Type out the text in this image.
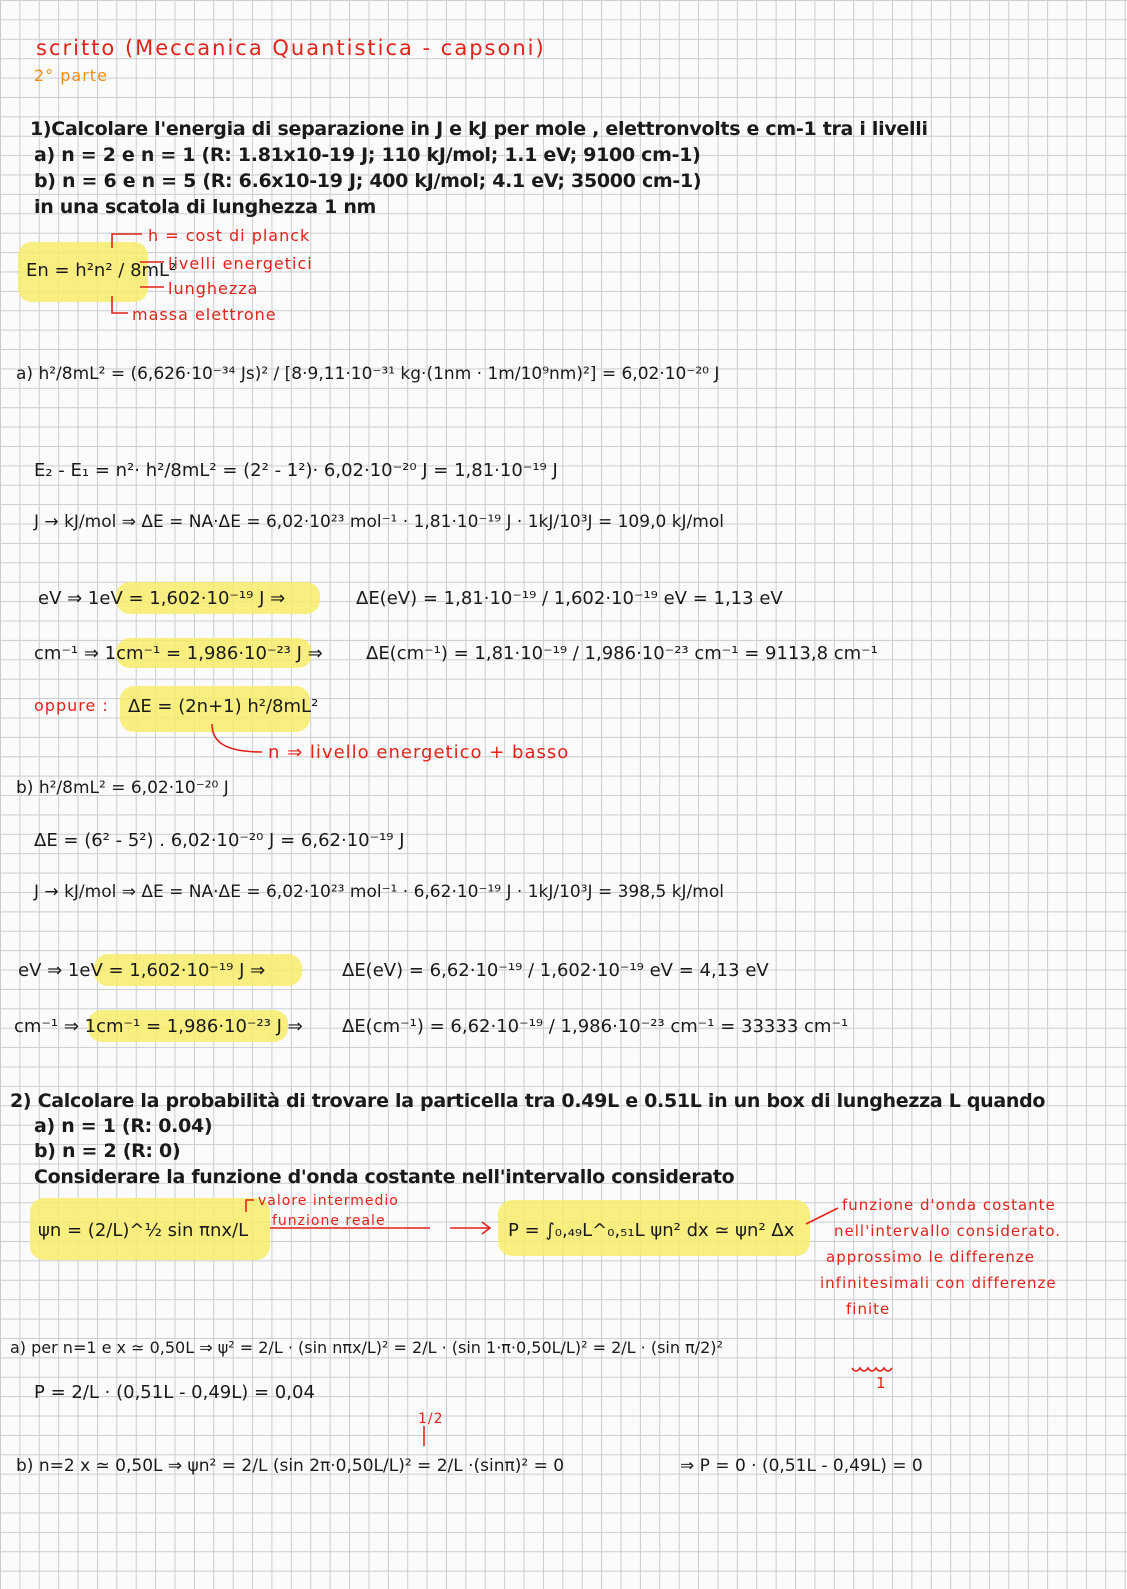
scritto (Meccanica Quantistica - capsoni)
2° parte
1)Calcolare l'energia di separazione in J e kJ per mole , elettronvolts e cm-1 tra i livelli
a) n = 2 e n = 1 (R: 1.81x10-19 J; 110 kJ/mol; 1.1 eV; 9100 cm-1)
b) n = 6 e n = 5 (R: 6.6x10-19 J; 400 kJ/mol; 4.1 eV; 35000 cm-1)
in una scatola di lunghezza 1 nm
En = h²n² / 8mL²
h = cost di planck
livelli energetici
lunghezza
massa elettrone
a) h²/8mL² = (6,626·10⁻³⁴ Js)² / [8·9,11·10⁻³¹ kg·(1nm · 1m/10⁹nm)²] = 6,02·10⁻²⁰ J
E₂ - E₁ = n²· h²/8mL² = (2² - 1²)· 6,02·10⁻²⁰ J = 1,81·10⁻¹⁹ J
J → kJ/mol ⇒ ΔE = NA·ΔE = 6,02·10²³ mol⁻¹ · 1,81·10⁻¹⁹ J · 1kJ/10³J = 109,0 kJ/mol
eV ⇒ 1eV = 1,602·10⁻¹⁹ J ⇒	ΔE(eV) = 1,81·10⁻¹⁹ / 1,602·10⁻¹⁹ eV = 1,13 eV
cm⁻¹ ⇒ 1cm⁻¹ = 1,986·10⁻²³ J ⇒ ΔE(cm⁻¹) = 1,81·10⁻¹⁹ / 1,986·10⁻²³ cm⁻¹ = 9113,8 cm⁻¹
oppure : ΔE = (2n+1) h²/8mL²
n ⇒ livello energetico + basso
b) h²/8mL² = 6,02·10⁻²⁰ J
ΔE = (6² - 5²) . 6,02·10⁻²⁰ J = 6,62·10⁻¹⁹ J
J → kJ/mol ⇒ ΔE = NA·ΔE = 6,02·10²³ mol⁻¹ · 6,62·10⁻¹⁹ J · 1kJ/10³J = 398,5 kJ/mol
eV ⇒ 1eV = 1,602·10⁻¹⁹ J ⇒	ΔE(eV) = 6,62·10⁻¹⁹ / 1,602·10⁻¹⁹ eV = 4,13 eV
cm⁻¹ ⇒ 1cm⁻¹ = 1,986·10⁻²³ J ⇒ ΔE(cm⁻¹) = 6,62·10⁻¹⁹ / 1,986·10⁻²³ cm⁻¹ = 33333 cm⁻¹
2) Calcolare la probabilità di trovare la particella tra 0.49L e 0.51L in un box di lunghezza L quando
a) n = 1 (R: 0.04)
b) n = 2 (R: 0)
Considerare la funzione d'onda costante nell'intervallo considerato
ψn = (2/L)^½ sin πnx/L
valore intermedio
funzione reale	P = ∫₀,₄₉L^₀,₅₁L ψn² dx ≃ ψn² Δx
funzione d'onda costante
nell'intervallo considerato.
approssimo le differenze
infinitesimali con differenze
finite
a) per n=1 e x ≃ 0,50L ⇒ ψ² = 2/L · (sin nπx/L)² = 2/L · (sin 1·π·0,50L/L)² = 2/L · (sin π/2)²
1
P = 2/L · (0,51L - 0,49L) = 0,04
1/2
b) n=2 x ≃ 0,50L ⇒ ψn² = 2/L (sin 2π·0,50L/L)² = 2/L ·(sinπ)² = 0	⇒ P = 0 · (0,51L - 0,49L) = 0
